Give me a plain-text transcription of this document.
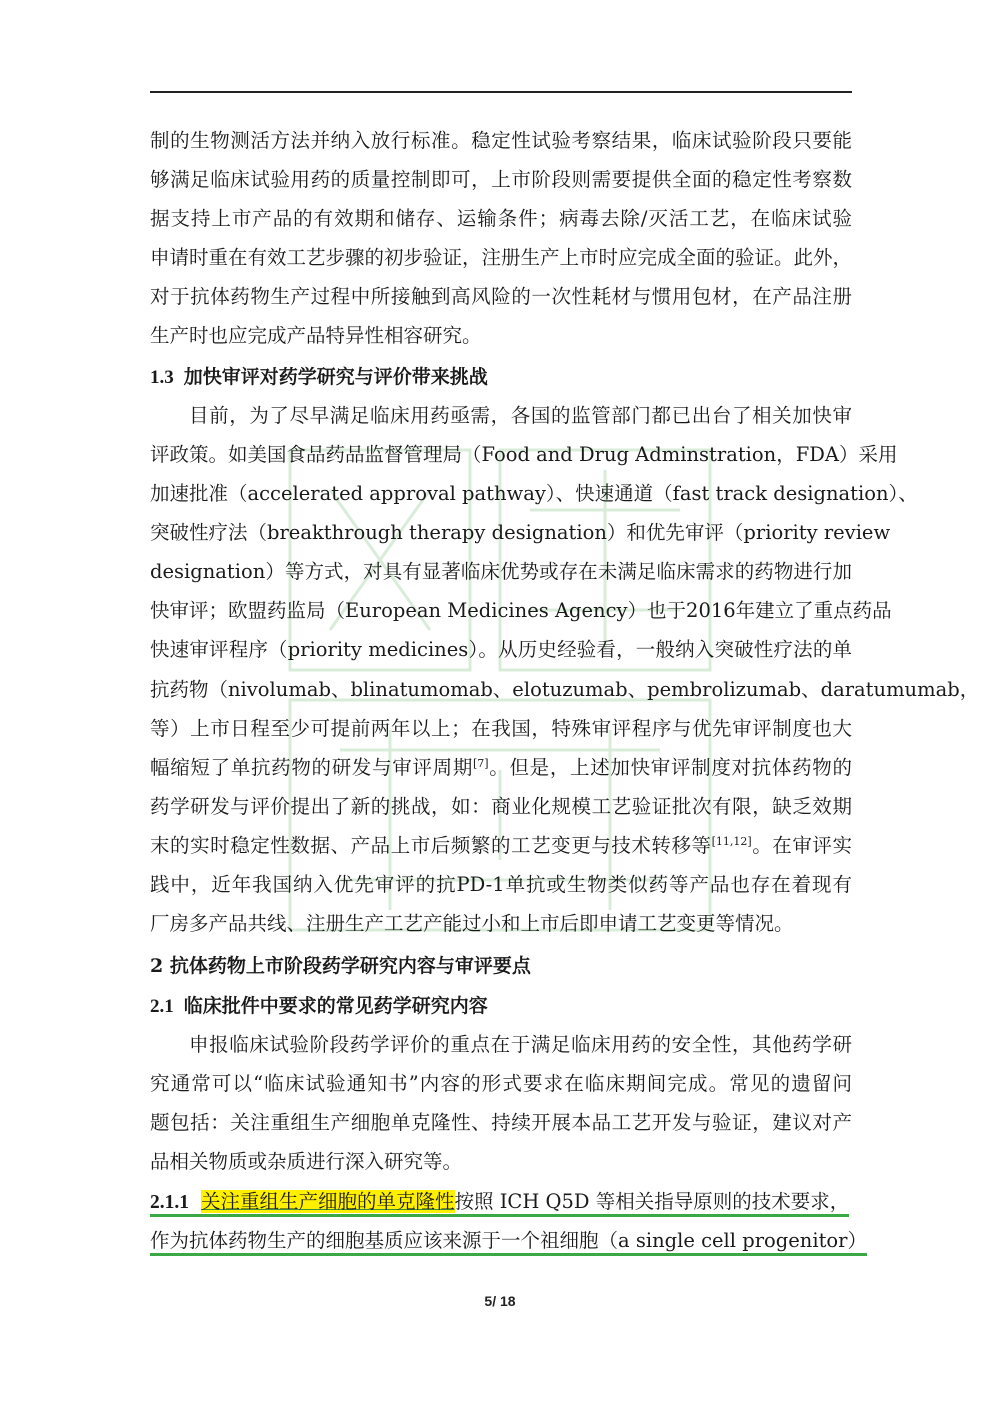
制的生物测活方法并纳入放行标准。稳定性试验考察结果，临床试验阶段只要能
够满足临床试验用药的质量控制即可，上市阶段则需要提供全面的稳定性考察数
据支持上市产品的有效期和储存、运输条件；病毒去除/灭活工艺，在临床试验
申请时重在有效工艺步骤的初步验证，注册生产上市时应完成全面的验证。此外，
对于抗体药物生产过程中所接触到高风险的一次性耗材与惯用包材，在产品注册
生产时也应完成产品特异性相容研究。
1.3 加快审评对药学研究与评价带来挑战
目前，为了尽早满足临床用药亟需，各国的监管部门都已出台了相关加快审
评政策。如美国食品药品监督管理局（Food and Drug Adminstration，FDA）采用
加速批准（accelerated approval pathway）、快速通道（fast track designation）、
突破性疗法（breakthrough therapy designation）和优先审评（priority review
designation）等方式，对具有显著临床优势或存在未满足临床需求的药物进行加
快审评；欧盟药监局（European Medicines Agency）也于2016年建立了重点药品
快速审评程序（priority medicines）。从历史经验看，一般纳入突破性疗法的单
抗药物（nivolumab、blinatumomab、elotuzumab、pembrolizumab、daratumumab，
等）上市日程至少可提前两年以上；在我国，特殊审评程序与优先审评制度也大
幅缩短了单抗药物的研发与审评周期[7]。但是，上述加快审评制度对抗体药物的
药学研发与评价提出了新的挑战，如：商业化规模工艺验证批次有限，缺乏效期
末的实时稳定性数据、产品上市后频繁的工艺变更与技术转移等[11,12]。在审评实
践中，近年我国纳入优先审评的抗PD-1单抗或生物类似药等产品也存在着现有
厂房多产品共线、注册生产工艺产能过小和上市后即申请工艺变更等情况。
2 抗体药物上市阶段药学研究内容与审评要点
2.1 临床批件中要求的常见药学研究内容
申报临床试验阶段药学评价的重点在于满足临床用药的安全性，其他药学研
究通常可以“临床试验通知书”内容的形式要求在临床期间完成。常见的遗留问
题包括：关注重组生产细胞单克隆性、持续开展本品工艺开发与验证，建议对产
品相关物质或杂质进行深入研究等。
2.1.1 关注重组生产细胞的单克隆性按照 ICH Q5D 等相关指导原则的技术要求，
作为抗体药物生产的细胞基质应该来源于一个祖细胞（a single cell progenitor）
5/ 18
